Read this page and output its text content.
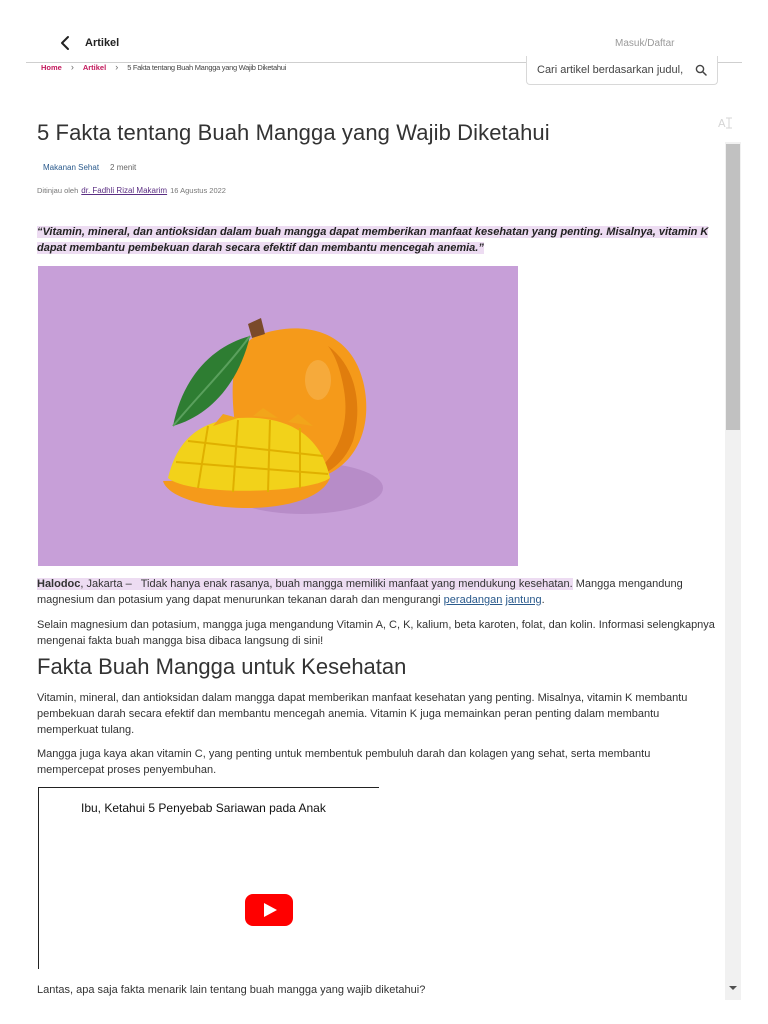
Artikel	Masuk/Daftar
Home › Artikel › 5 Fakta tentang Buah Mangga yang Wajib Diketahui
Cari artikel berdasarkan judul,
A
5 Fakta tentang Buah Mangga yang Wajib Diketahui
Makanan Sehat 2 menit
Ditinjau oleh dr. Fadhli Rizal Makarim 16 Agustus 2022
“Vitamin, mineral, dan antioksidan dalam buah mangga dapat memberikan manfaat kesehatan yang penting. Misalnya, vitamin K dapat membantu pembekuan darah secara efektif dan membantu mencegah anemia.”
Halodoc, Jakarta – Tidak hanya enak rasanya, buah mangga memiliki manfaat yang mendukung kesehatan. Mangga mengandung magnesium dan potasium yang dapat menurunkan tekanan darah dan mengurangi peradangan jantung.
Selain magnesium dan potasium, mangga juga mengandung Vitamin A, C, K, kalium, beta karoten, folat, dan kolin. Informasi selengkapnya mengenai fakta buah mangga bisa dibaca langsung di sini!
Fakta Buah Mangga untuk Kesehatan
Vitamin, mineral, dan antioksidan dalam mangga dapat memberikan manfaat kesehatan yang penting. Misalnya, vitamin K membantu pembekuan darah secara efektif dan membantu mencegah anemia. Vitamin K juga memainkan peran penting dalam membantu memperkuat tulang.
Mangga juga kaya akan vitamin C, yang penting untuk membentuk pembuluh darah dan kolagen yang sehat, serta membantu mempercepat proses penyembuhan.
Ibu, Ketahui 5 Penyebab Sariawan pada Anak
Lantas, apa saja fakta menarik lain tentang buah mangga yang wajib diketahui?
